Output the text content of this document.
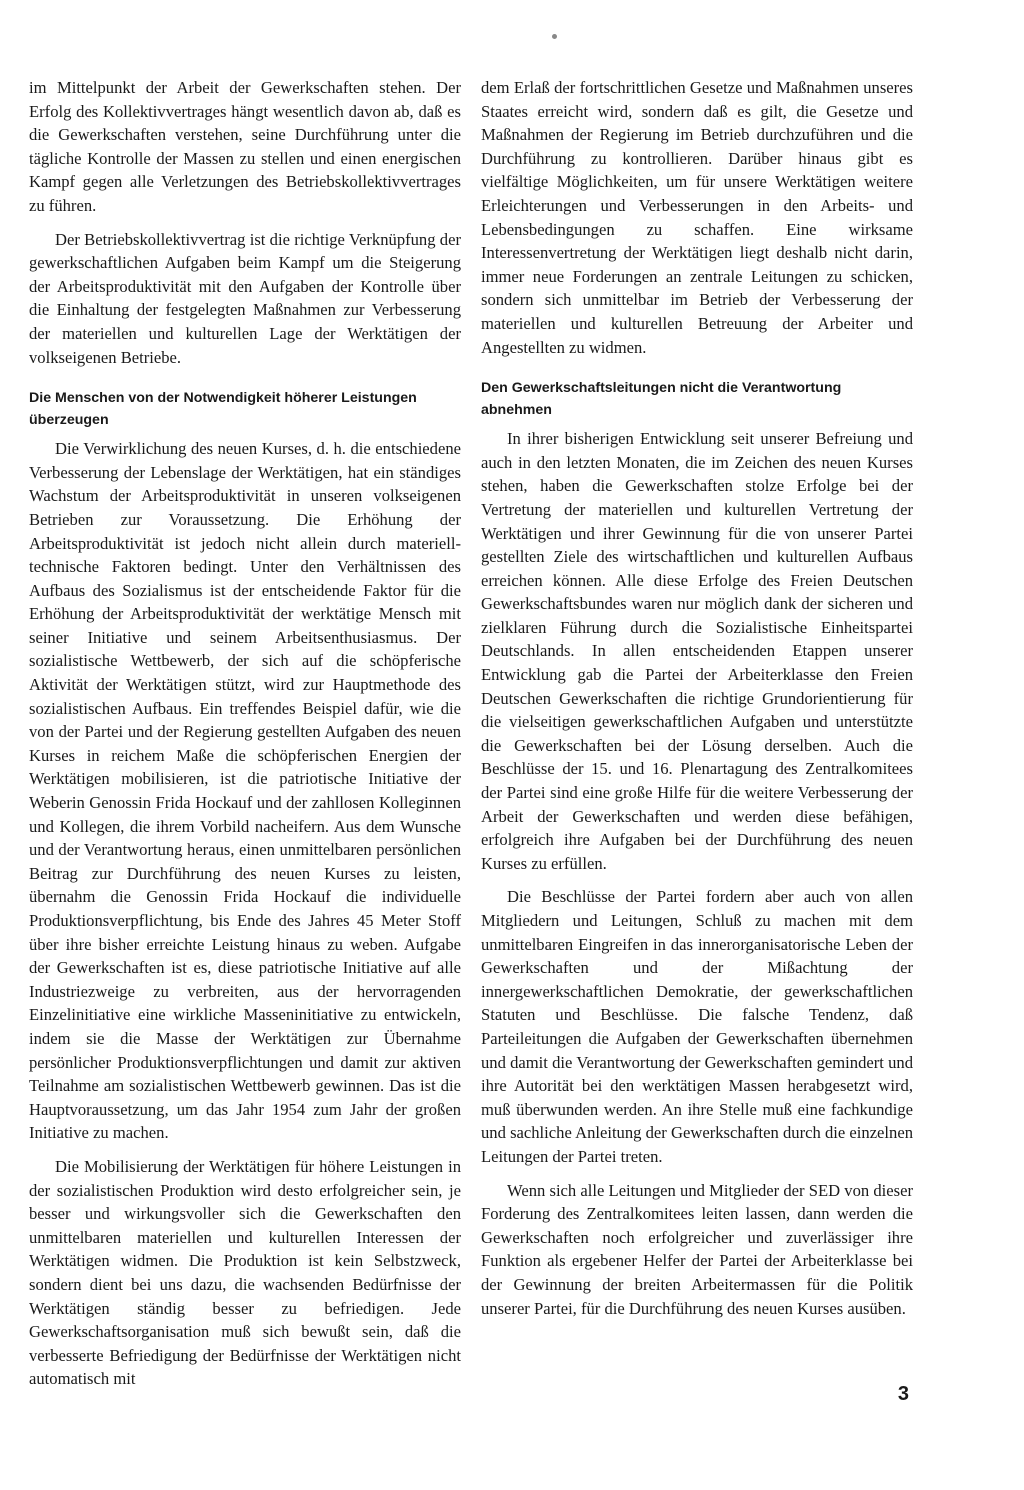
im Mittelpunkt der Arbeit der Gewerkschaften stehen. Der Erfolg des Kollektivvertrages hängt wesentlich davon ab, daß es die Gewerkschaften verstehen, seine Durchführung unter die tägliche Kontrolle der Massen zu stellen und einen energischen Kampf gegen alle Verletzungen des Betriebskollektivvertrages zu führen.

Der Betriebskollektivvertrag ist die richtige Verknüpfung der gewerkschaftlichen Aufgaben beim Kampf um die Steigerung der Arbeitsproduktivität mit den Aufgaben der Kontrolle über die Einhaltung der festgelegten Maßnahmen zur Verbesserung der materiellen und kulturellen Lage der Werktätigen der volkseigenen Betriebe.

Die Menschen von der Notwendigkeit höherer Leistungen überzeugen

Die Verwirklichung des neuen Kurses, d. h. die entschiedene Verbesserung der Lebenslage der Werktätigen, hat ein ständiges Wachstum der Arbeitsproduktivität in unseren volkseigenen Betrieben zur Voraussetzung. Die Erhöhung der Arbeitsproduktivität ist jedoch nicht allein durch materiell-technische Faktoren bedingt. Unter den Verhältnissen des Aufbaus des Sozialismus ist der entscheidende Faktor für die Erhöhung der Arbeitsproduktivität der werktätige Mensch mit seiner Initiative und seinem Arbeitsenthusiasmus. Der sozialistische Wettbewerb, der sich auf die schöpferische Aktivität der Werktätigen stützt, wird zur Hauptmethode des sozialistischen Aufbaus. Ein treffendes Beispiel dafür, wie die von der Partei und der Regierung gestellten Aufgaben des neuen Kurses in reichem Maße die schöpferischen Energien der Werktätigen mobilisieren, ist die patriotische Initiative der Weberin Genossin Frida Hockauf und der zahllosen Kolleginnen und Kollegen, die ihrem Vorbild nacheifern. Aus dem Wunsche und der Verantwortung heraus, einen unmittelbaren persönlichen Beitrag zur Durchführung des neuen Kurses zu leisten, übernahm die Genossin Frida Hockauf die individuelle Produktionsverpflichtung, bis Ende des Jahres 45 Meter Stoff über ihre bisher erreichte Leistung hinaus zu weben. Aufgabe der Gewerkschaften ist es, diese patriotische Initiative auf alle Industriezweige zu verbreiten, aus der hervorragenden Einzelinitiative eine wirkliche Masseninitiative zu entwickeln, indem sie die Masse der Werktätigen zur Übernahme persönlicher Produktionsverpflichtungen und damit zur aktiven Teilnahme am sozialistischen Wettbewerb gewinnen. Das ist die Hauptvoraussetzung, um das Jahr 1954 zum Jahr der großen Initiative zu machen.

Die Mobilisierung der Werktätigen für höhere Leistungen in der sozialistischen Produktion wird desto erfolgreicher sein, je besser und wirkungsvoller sich die Gewerkschaften den unmittelbaren materiellen und kulturellen Interessen der Werktätigen widmen. Die Produktion ist kein Selbstzweck, sondern dient bei uns dazu, die wachsenden Bedürfnisse der Werktätigen ständig besser zu befriedigen. Jede Gewerkschaftsorganisation muß sich bewußt sein, daß die verbesserte Befriedigung der Bedürfnisse der Werktätigen nicht automatisch mit

dem Erlaß der fortschrittlichen Gesetze und Maßnahmen unseres Staates erreicht wird, sondern daß es gilt, die Gesetze und Maßnahmen der Regierung im Betrieb durchzuführen und die Durchführung zu kontrollieren. Darüber hinaus gibt es vielfältige Möglichkeiten, um für unsere Werktätigen weitere Erleichterungen und Verbesserungen in den Arbeits- und Lebensbedingungen zu schaffen. Eine wirksame Interessenvertretung der Werktätigen liegt deshalb nicht darin, immer neue Forderungen an zentrale Leitungen zu schicken, sondern sich unmittelbar im Betrieb der Verbesserung der materiellen und kulturellen Betreuung der Arbeiter und Angestellten zu widmen.

Den Gewerkschaftsleitungen nicht die Verantwortung abnehmen

In ihrer bisherigen Entwicklung seit unserer Befreiung und auch in den letzten Monaten, die im Zeichen des neuen Kurses stehen, haben die Gewerkschaften stolze Erfolge bei der Vertretung der materiellen und kulturellen Vertretung der Werktätigen und ihrer Gewinnung für die von unserer Partei gestellten Ziele des wirtschaftlichen und kulturellen Aufbaus erreichen können. Alle diese Erfolge des Freien Deutschen Gewerkschaftsbundes waren nur möglich dank der sicheren und zielklaren Führung durch die Sozialistische Einheitspartei Deutschlands. In allen entscheidenden Etappen unserer Entwicklung gab die Partei der Arbeiterklasse den Freien Deutschen Gewerkschaften die richtige Grundorientierung für die vielseitigen gewerkschaftlichen Aufgaben und unterstützte die Gewerkschaften bei der Lösung derselben. Auch die Beschlüsse der 15. und 16. Plenartagung des Zentralkomitees der Partei sind eine große Hilfe für die weitere Verbesserung der Arbeit der Gewerkschaften und werden diese befähigen, erfolgreich ihre Aufgaben bei der Durchführung des neuen Kurses zu erfüllen.

Die Beschlüsse der Partei fordern aber auch von allen Mitgliedern und Leitungen, Schluß zu machen mit dem unmittelbaren Eingreifen in das innerorganisatorische Leben der Gewerkschaften und der Mißachtung der innergewerkschaftlichen Demokratie, der gewerkschaftlichen Statuten und Beschlüsse. Die falsche Tendenz, daß Parteileitungen die Aufgaben der Gewerkschaften übernehmen und damit die Verantwortung der Gewerkschaften gemindert und ihre Autorität bei den werktätigen Massen herabgesetzt wird, muß überwunden werden. An ihre Stelle muß eine fachkundige und sachliche Anleitung der Gewerkschaften durch die einzelnen Leitungen der Partei treten.

Wenn sich alle Leitungen und Mitglieder der SED von dieser Forderung des Zentralkomitees leiten lassen, dann werden die Gewerkschaften noch erfolgreicher und zuverlässiger ihre Funktion als ergebener Helfer der Partei der Arbeiterklasse bei der Gewinnung der breiten Arbeitermassen für die Politik unserer Partei, für die Durchführung des neuen Kurses ausüben.

3
